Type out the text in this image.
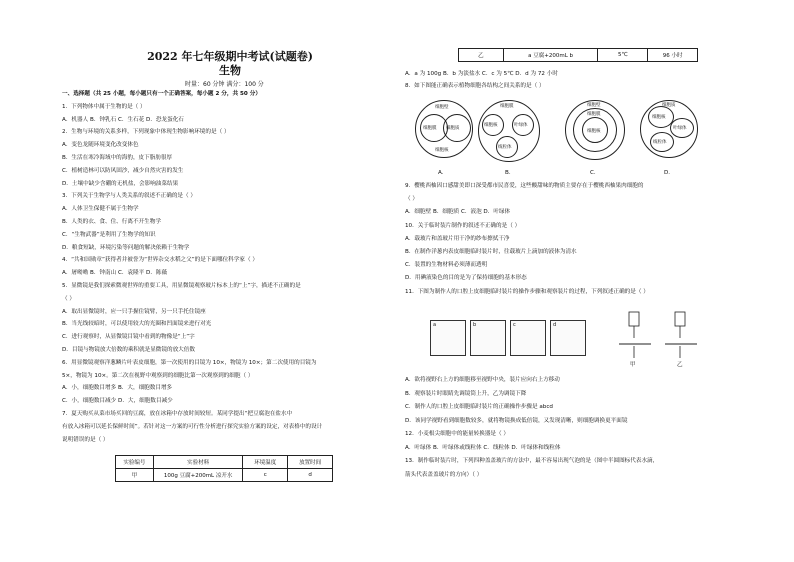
2022 年七年级期中考试(试题卷)
生物
时量：60 分钟 满分：100 分
一、选择题（共 25 小题，每小题只有一个正确答案，每小题 2 分，共 50 分）
1．下列物体中属于生物的是（ ）
A．机器人 B．钟乳石 C．生石花 D．恐龙蛋化石
2．生物与环境的关系多样，下列现象中体现生物影响环境的是（ ）
A．变色龙随环境变化改变体色
B．生活在寒冷海域中的海豹，皮下脂肪很厚
C．植树造林可以防风固沙，减少自然灾害的发生
D．土壤中缺少含硼的无机盐，会影响油菜结果
3．下列关于生物学与人类关系的叙述不正确的是（ ）
A．人体卫生保健不属于生物学
B．人类的衣、食、住、行离不开生物学
C．“生物武器”是利用了生物学的知识
D．粮食短缺，环境污染等问题的解决依赖于生物学
4．“共和国勋章”获得者并被誉为“世界杂交水稻之父”的是下面哪位科学家（ ）
A．屠呦呦 B．钟南山 C．袁隆平 D．陈薇
5．显微镜是我们探索微观世界的重要工具，用显微镜观察玻片标本上的“上”字，描述不正确的是
（ ）
A．取出显微镜时，应一只手握住镜臂，另一只手托住镜座
B．当光线较暗时，可以使用较大的光圈和凹面镜来进行对光
C．进行观察时，从显微镜目镜中看到的物像是“上”字
D．目镜与物镜放大倍数的乘积就是显微镜的放大倍数
6．用显微镜观察洋葱鳞片叶表皮细胞，第一次使用的目镜为 10×，物镜为 10×；第二次使用的目镜为
5×，物镜为 10×。第二次在视野中观察到的细胞比第一次观察到的细胞（ ）
A．小，细胞数目增多 B．大，细胞数目增多
C．小，细胞数目减少 D．大，细胞数目减少
7．夏天购买从菜市场买回的豆腐，放在冰箱中存放时间较短。某同学提出“把豆腐泡在盐水中
有放入冰箱可以延长保鲜时间”。若针对这一方案的可行性分析进行探究实验方案的设定，对表格中的设计
说明错误的是（ ）
实验编号	实验材料	环境温度	放置时间
甲	100g 豆腐+200mL 凉开水	c	d
乙	a 豆腐+200mL b	5℃	96 小时
A．a 为 100g B．b 为淡盐水 C．c 为 5℃ D．d 为 72 小时
8．如下图能正确表示植物细胞各结构之间关系的是（ ）
细胞壁
细胞膜 细胞质
细胞核
细胞膜
细胞核	叶绿体
线粒体
细胞核
细胞膜
细胞壁
细胞核
叶绿体
细胞质
线粒体
A.	B.	C.	D.
9．樱桃西柚因口感甜美即口深受都市民喜爱，这些酸甜味的物质主要存在于樱桃西柚果肉细胞的
（ ）
A．细胞壁 B．细胞质 C．液泡 D．叶绿体
10．关于临时装片制作的叙述不正确的是（ ）
A．载玻片和盖玻片用干净的纱布擦拭干净
B．在制作洋葱内表皮细胞临时装片时，往载玻片上滴加的液体为清水
C．装置的生物材料必须薄而透明
D．用碘液染色的目的是为了保持细胞的基本形态
11．下图为制作人的口腔上皮细胞临时装片的操作步骤和观察装片的过程，下列叙述正确的是（ ）
a	b	c	d
甲	乙
A．欲将视野右上方的细胞移至视野中央，装片应向右上方移动
B．观察装片时眼睛先调镜筒上升，乙为调镜下降
C．制作人的口腔上皮细胞临时装片的正确操作步骤是 abcd
D．该同学视野看到细胞数较多，就将物镜换成低倍镜，又发现清晰，则细胞调换更平面镜
12．小麦根尖细胞中的能量转换器是（ ）
A．叶绿体 B．叶绿体或线粒体 C．线粒体 D．叶绿体和线粒体
13．制作临时装片时，下列四种盖盖玻片的方法中，最不容易出现气泡的是（图中半圆图标代表水滴，
箭头代表盖盖玻片的方向）（ ）
